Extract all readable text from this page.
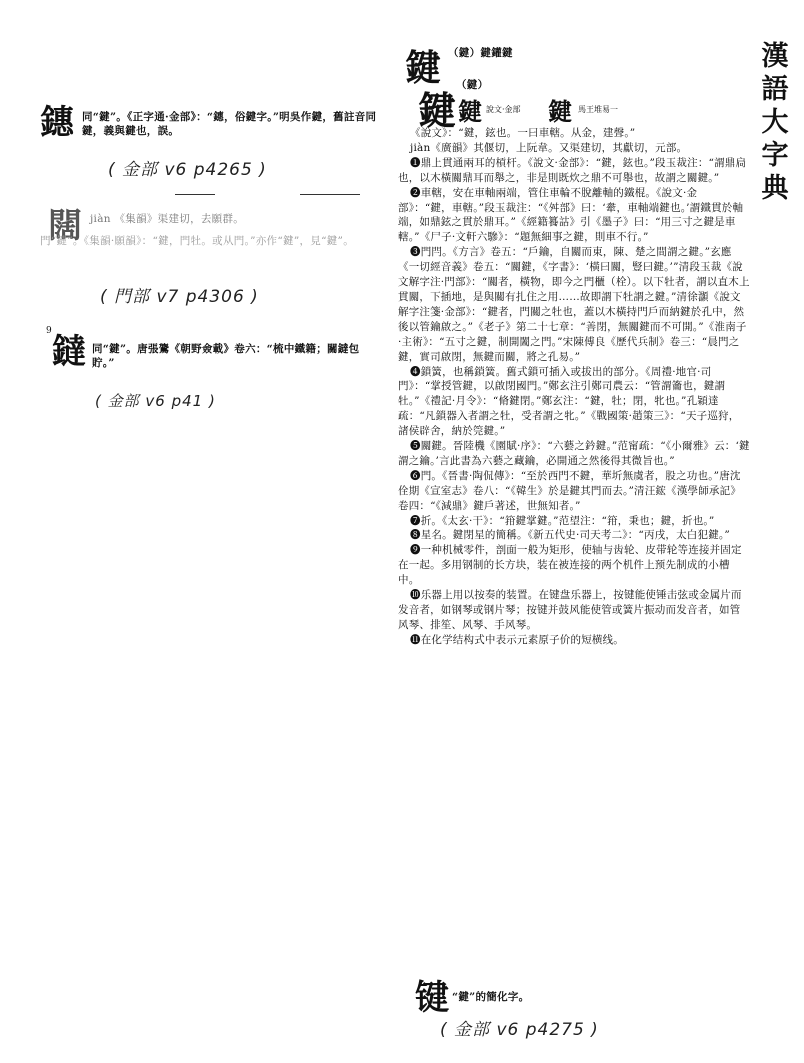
漢
語
大
字
典
鏸 同“鍵”。《正字通·金部》：“鏸，俗鍵字。”明吳作鍵，舊註音同鍵，義與鍵也，誤。
( 金部 v6 p4265 )
闊 jiàn 《集韻》渠建切，去願群。
門“鍵”。《集韻·願韻》：“鍵，門牡。或从門。”亦作“鍵”，見“鍵”。
( 門部 v7 p4306 )
9
鐽 同“鍵”。唐張鷟《朝野僉載》卷六：“梳中鐵籍；關鐽包貯。”
( 金部 v6 p41 )
鍵 （鍵）鍵鑵鍵
鍵
（鍵）
鍵 說文·金部 鍵 馬王堆易一

《說文》：“鍵，鉉也。一曰車轄。从金，建聲。”

jiàn《廣韻》其偃切，上阮韋。又渠建切，其獻切，元部。

❶鼎上貫通兩耳的槓杆。《說文·金部》：“鍵，鉉也。”段玉裁注：“謂鼎扃也，以木橫關鼎耳而舉之，非是則既炊之鼎不可舉也，故謂之關鍵。”

❷車轄，安在車軸兩端，管住車輪不脫離軸的鐵棍。《說文·金部》：“鍵，車轄。”段玉裁注：“《舛部》曰：‘舝，車軸端鍵也。’謂鐵貫於軸端，如鼎鉉之貫於鼎耳。”《經籍籑詁》引《墨子》曰：“用三寸之鍵是車轄。”《尸子·文軒六驂》：“題無細事之鍵，則車不行。”

❸門閂。《方言》卷五：“戶鑰，自關而東，陳、楚之間謂之鍵。”玄應《一切經音義》卷五：“關鍵，《字書》：‘橫曰關，豎曰鍵。’”清段玉裁《說文解字注·門部》：“關者，橫物，即今之門櫃（栓）。以下牡者，謂以直木上貫關，下插地，是與關有扎住之用……故即謂下牡謂之鍵。”清徐灝《說文解字注箋·金部》：“鍵者，門關之牡也，蓋以木橫持門戶而納鍵於孔中，然後以管鑰啟之。”《老子》第二十七章：“善閉，無關鍵而不可開。”《淮南子·主術》：“五寸之鍵，制開闔之門。”宋陳傅良《歷代兵制》卷三：“晨門之鍵，實司啟閉，無鍵而關，將之孔易。”

❹鎖簧，也稱鎖簧。舊式鎖可插入或拔出的部分。《周禮·地官·司門》：“掌授管鍵，以啟閉國門。”鄭玄注引鄭司農云：“管謂籥也，鍵謂牡。”《禮記·月令》：“脩鍵閉。”鄭玄注：“鍵，牡；閉，牝也。”孔穎達疏：“凡鎖器入者謂之牡，受者謂之牝。”《戰國策·趙策三》：“天子巡狩，諸侯辟舍，納於筦鍵。”

❺關鍵。晉陸機《園賦·序》：“六藝之鈐鍵。”范甯疏：“《小爾雅》云：‘鍵謂之鑰。’言此書為六藝之藏鑰，必開通之然後得其微旨也。”

❻門。《晉書·陶侃傳》：“至於西門不鍵，華圻無虞者，股之功也。”唐沈佺期《宣室志》卷八：“《韓生》於是鍵其門而去。”清汪鋐《漢學師承記》卷四：“《減鼎》鍵戶著述，世無知者。”

❼折。《太玄·干》：“箝鍵掌鍵。”范望注：“箝，秉也；鍵，折也。”

❽星名。鍵閉星的簡稱。《新五代史·司天考二》：“丙戌，太白犯鍵。”

❾一种机械零件，剖面一般为矩形，使轴与齿轮、皮带轮等连接并固定在一起。多用钢制的长方块，装在被连接的两个机件上预先制成的小槽中。

❿乐器上用以按奏的装置。在键盘乐器上，按键能使锤击弦或金属片而发音者，如钢琴或钢片琴；按键并鼓风能使管或簧片振动而发音者，如管风琴、排笙、风琴、手风琴。

⓫在化学结构式中表示元素原子价的短横线。

键 “鍵”的簡化字。
( 金部 v6 p4275 )
